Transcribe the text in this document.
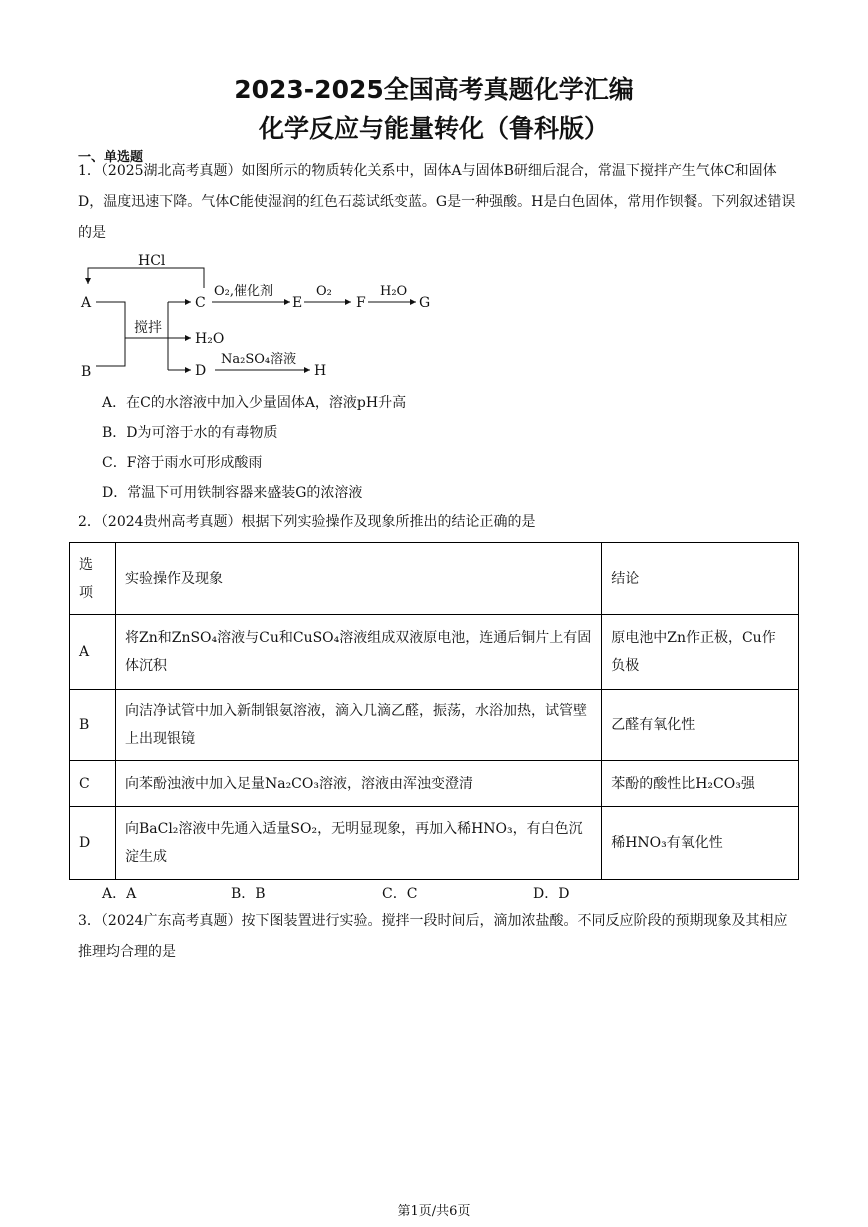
2023-2025全国高考真题化学汇编
化学反应与能量转化（鲁科版）
一、单选题
1．（2025湖北高考真题）如图所示的物质转化关系中，固体A与固体B研细后混合，常温下搅拌产生气体C和固体D，温度迅速下降。气体C能使湿润的红色石蕊试纸变蓝。G是一种强酸。H是白色固体，常用作钡餐。下列叙述错误的是
HCl
A
B
C	E	F	G
D	H
搅拌
H₂O
O₂,催化剂	O₂	H₂O
Na₂SO₄溶液
A．在C的水溶液中加入少量固体A，溶液pH升高
B．D为可溶于水的有毒物质
C．F溶于雨水可形成酸雨
D．常温下可用铁制容器来盛装G的浓溶液
2．（2024贵州高考真题）根据下列实验操作及现象所推出的结论正确的是
选项	实验操作及现象	结论
A	将Zn和ZnSO₄溶液与Cu和CuSO₄溶液组成双液原电池，连通后铜片上有固体沉积	原电池中Zn作正极，Cu作负极
B	向洁净试管中加入新制银氨溶液，滴入几滴乙醛，振荡，水浴加热，试管壁上出现银镜	乙醛有氧化性
C	向苯酚浊液中加入足量Na₂CO₃溶液，溶液由浑浊变澄清	苯酚的酸性比H₂CO₃强
D	向BaCl₂溶液中先通入适量SO₂，无明显现象，再加入稀HNO₃，有白色沉淀生成	稀HNO₃有氧化性
A．A	B．B	C．C	D．D
3．（2024广东高考真题）按下图装置进行实验。搅拌一段时间后，滴加浓盐酸。不同反应阶段的预期现象及其相应推理均合理的是
第1页/共6页
